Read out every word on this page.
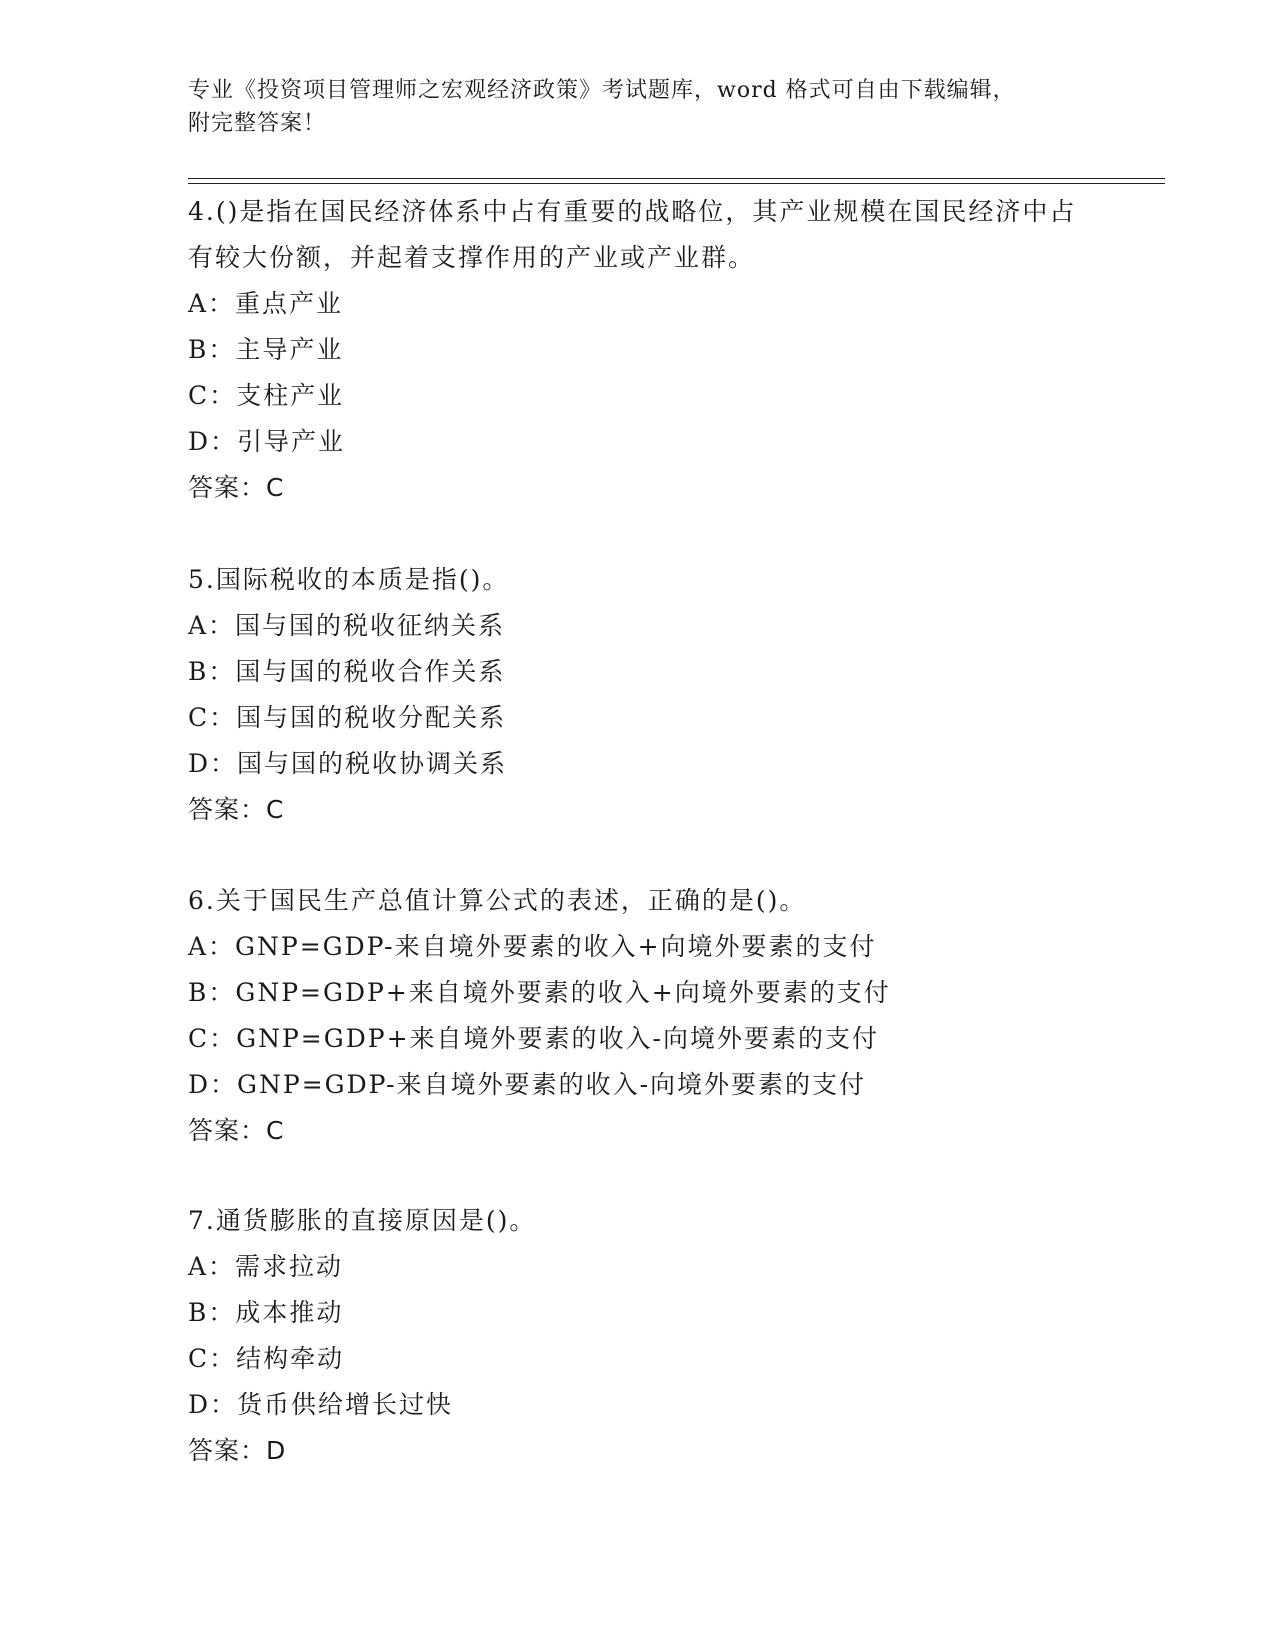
专业《投资项目管理师之宏观经济政策》考试题库，word 格式可自由下载编辑，
附完整答案！

4.()是指在国民经济体系中占有重要的战略位，其产业规模在国民经济中占有较大份额，并起着支撑作用的产业或产业群。

A：重点产业

B：主导产业

C：支柱产业

D：引导产业

答案：C

5.国际税收的本质是指()。

A：国与国的税收征纳关系

B：国与国的税收合作关系

C：国与国的税收分配关系

D：国与国的税收协调关系

答案：C

6.关于国民生产总值计算公式的表述，正确的是()。

A：GNP=GDP-来自境外要素的收入+向境外要素的支付

B：GNP=GDP+来自境外要素的收入+向境外要素的支付

C：GNP=GDP+来自境外要素的收入-向境外要素的支付

D：GNP=GDP-来自境外要素的收入-向境外要素的支付

答案：C

7.通货膨胀的直接原因是()。

A：需求拉动

B：成本推动

C：结构牵动

D：货币供给增长过快

答案：D
